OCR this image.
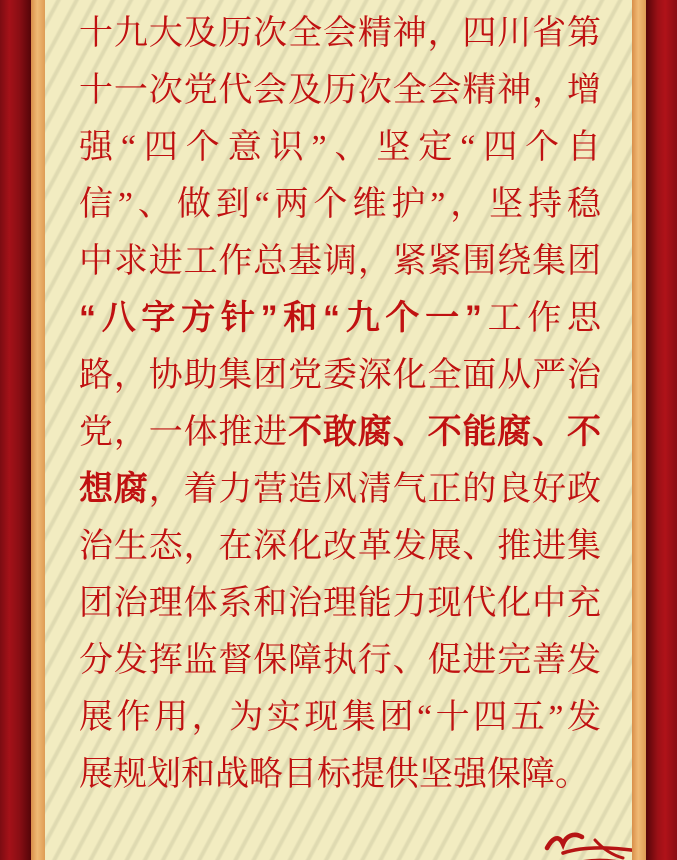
十九大及历次全会精神，四川省第
十一次党代会及历次全会精神，增
强“四个意识”、坚定“四个自
信”、做到“两个维护”，坚持稳
中求进工作总基调，紧紧围绕集团
“八字方针”和“九个一”工作思
路，协助集团党委深化全面从严治
党，一体推进不敢腐、不能腐、不
想腐，着力营造风清气正的良好政
治生态，在深化改革发展、推进集
团治理体系和治理能力现代化中充
分发挥监督保障执行、促进完善发
展作用，为实现集团“十四五”发
展规划和战略目标提供坚强保障。
